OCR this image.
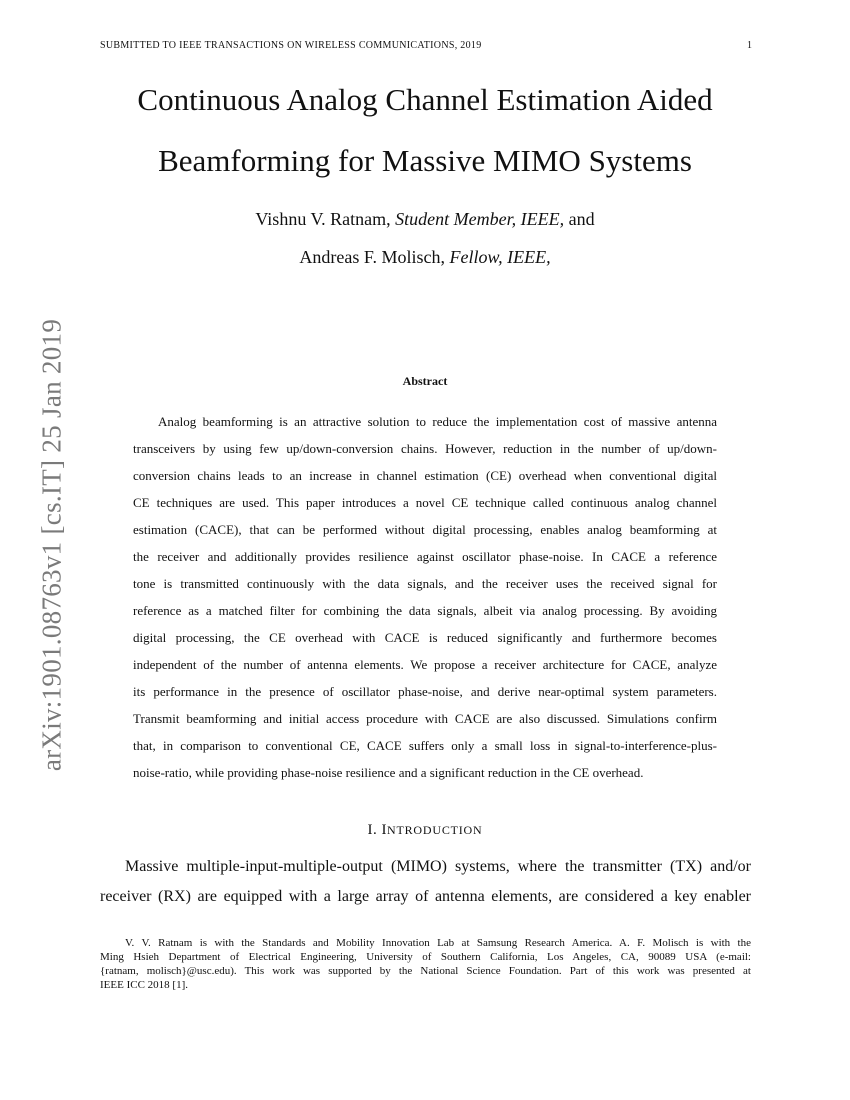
SUBMITTED TO IEEE TRANSACTIONS ON WIRELESS COMMUNICATIONS, 2019	1
arXiv:1901.08763v1 [cs.IT] 25 Jan 2019
Continuous Analog Channel Estimation Aided
Beamforming for Massive MIMO Systems
Vishnu V. Ratnam, Student Member, IEEE, and
Andreas F. Molisch, Fellow, IEEE,
Abstract
Analog beamforming is an attractive solution to reduce the implementation cost of massive antenna
transceivers by using few up/down-conversion chains. However, reduction in the number of up/down-
conversion chains leads to an increase in channel estimation (CE) overhead when conventional digital
CE techniques are used. This paper introduces a novel CE technique called continuous analog channel
estimation (CACE), that can be performed without digital processing, enables analog beamforming at
the receiver and additionally provides resilience against oscillator phase-noise. In CACE a reference
tone is transmitted continuously with the data signals, and the receiver uses the received signal for
reference as a matched filter for combining the data signals, albeit via analog processing. By avoiding
digital processing, the CE overhead with CACE is reduced significantly and furthermore becomes
independent of the number of antenna elements. We propose a receiver architecture for CACE, analyze
its performance in the presence of oscillator phase-noise, and derive near-optimal system parameters.
Transmit beamforming and initial access procedure with CACE are also discussed. Simulations confirm
that, in comparison to conventional CE, CACE suffers only a small loss in signal-to-interference-plus-
noise-ratio, while providing phase-noise resilience and a significant reduction in the CE overhead.
I. INTRODUCTION
Massive multiple-input-multiple-output (MIMO) systems, where the transmitter (TX) and/or
receiver (RX) are equipped with a large array of antenna elements, are considered a key enabler
V. V. Ratnam is with the Standards and Mobility Innovation Lab at Samsung Research America. A. F. Molisch is with the
Ming Hsieh Department of Electrical Engineering, University of Southern California, Los Angeles, CA, 90089 USA (e-mail:
{ratnam, molisch}@usc.edu). This work was supported by the National Science Foundation. Part of this work was presented at
IEEE ICC 2018 [1].
